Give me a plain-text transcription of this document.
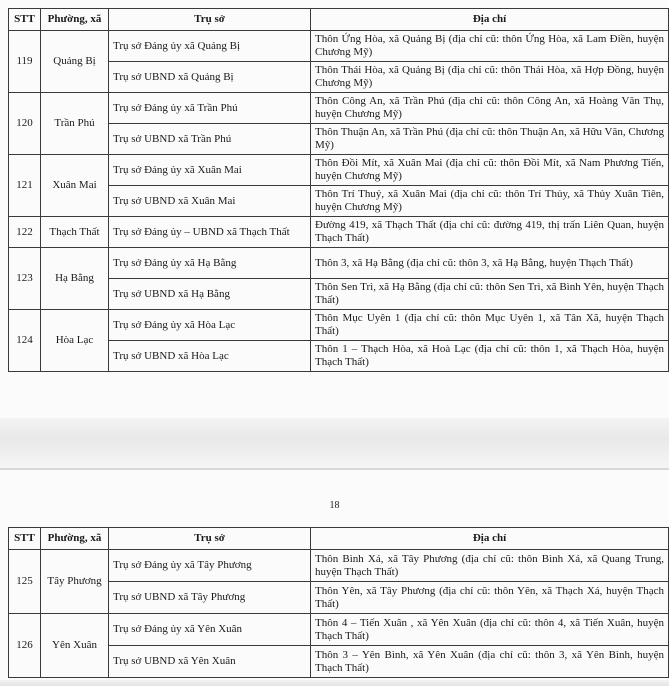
STT	Phường, xã	Trụ sở	Địa chỉ
119	Quảng Bị	Trụ sở Đảng ủy xã Quảng Bị	Thôn Ứng Hòa, xã Quảng Bị (địa chỉ cũ: thôn Ứng Hòa, xã Lam Điền, huyện Chương Mỹ)
		Trụ sở UBND xã Quảng Bị	Thôn Thái Hòa, xã Quảng Bị (địa chỉ cũ: thôn Thái Hòa, xã Hợp Đồng, huyện Chương Mỹ)
120	Trần Phú	Trụ sở Đảng ủy xã Trần Phú	Thôn Công An, xã Trần Phú (địa chỉ cũ: thôn Công An, xã Hoàng Văn Thụ, huyện Chương Mỹ)
		Trụ sở UBND xã Trần Phú	Thôn Thuận An, xã Trần Phú (địa chỉ cũ: thôn Thuận An, xã Hữu Văn, Chương Mỹ)
121	Xuân Mai	Trụ sở Đảng ủy xã Xuân Mai	Thôn Đồi Mít, xã Xuân Mai (địa chỉ cũ: thôn Đồi Mít, xã Nam Phương Tiến, huyện Chương Mỹ)
		Trụ sở UBND xã Xuân Mai	Thôn Trí Thuỷ, xã Xuân Mai (địa chỉ cũ: thôn Trí Thủy, xã Thủy Xuân Tiên, huyện Chương Mỹ)
122	Thạch Thất	Trụ sở Đảng ủy – UBND xã Thạch Thất	Đường 419, xã Thạch Thất (địa chỉ cũ: đường 419, thị trấn Liên Quan, huyện Thạch Thất)
123	Hạ Bằng	Trụ sở Đảng ủy xã Hạ Bằng	Thôn 3, xã Hạ Bằng (địa chỉ cũ: thôn 3, xã Hạ Bằng, huyện Thạch Thất)
		Trụ sở UBND xã Hạ Bằng	Thôn Sen Trì, xã Hạ Bằng (địa chỉ cũ: thôn Sen Trì, xã Bình Yên, huyện Thạch Thất)
124	Hòa Lạc	Trụ sở Đảng ủy xã Hòa Lạc	Thôn Mục Uyên 1 (địa chỉ cũ: thôn Mục Uyên 1, xã Tân Xã, huyện Thạch Thất)
		Trụ sở UBND xã Hòa Lạc	Thôn 1 – Thạch Hòa, xã Hoà Lạc (địa chỉ cũ: thôn 1, xã Thạch Hòa, huyện Thạch Thất)
18
STT	Phường, xã	Trụ sở	Địa chỉ
125	Tây Phương	Trụ sở Đảng ủy xã Tây Phương	Thôn Bình Xá, xã Tây Phương (địa chỉ cũ: thôn Bình Xá, xã Quang Trung, huyện Thạch Thất)
		Trụ sở UBND xã Tây Phương	Thôn Yên, xã Tây Phương (địa chỉ cũ: thôn Yên, xã Thạch Xá, huyện Thạch Thất)
126	Yên Xuân	Trụ sở Đảng ủy xã Yên Xuân	Thôn 4 – Tiến Xuân , xã Yên Xuân (địa chỉ cũ: thôn 4, xã Tiến Xuân, huyện Thạch Thất)
		Trụ sở UBND xã Yên Xuân	Thôn 3 – Yên Bình, xã Yên Xuân (địa chỉ cũ: thôn 3, xã Yên Bình, huyện Thạch Thất)
